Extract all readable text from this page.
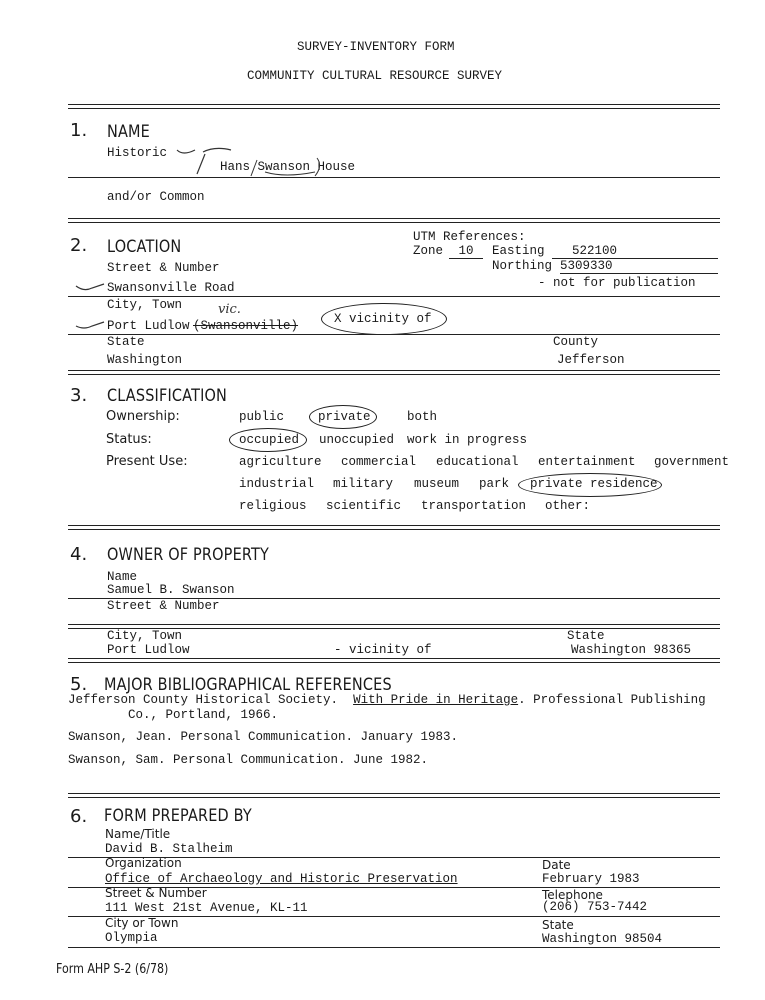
SURVEY-INVENTORY FORM
COMMUNITY CULTURAL RESOURCE SURVEY
1. NAME
Historic
Hans Swanson House
and/or Common
2. LOCATION	UTM References:
Zone	10	Easting	522100
Northing 5309330
- not for publication
Street & Number
Swansonville Road
City, Town	vic.
Port Ludlow (Swansonville)	X vicinity of
State	County
Washington	Jefferson
3. CLASSIFICATION
Ownership:	public	private	both
Status:	occupied unoccupied work in progress
Present Use:	agriculture commercial educational entertainment government
industrial military museum park private residence
religious scientific transportation other:
4. OWNER OF PROPERTY
Name
Samuel B. Swanson
Street & Number
City, Town	State
Port Ludlow	- vicinity of	Washington 98365
5. MAJOR BIBLIOGRAPHICAL REFERENCES
Jefferson County Historical Society. With Pride in Heritage. Professional Publishing
Co., Portland, 1966.
Swanson, Jean. Personal Communication. January 1983.
Swanson, Sam. Personal Communication. June 1982.
6. FORM PREPARED BY
Name/Title
David B. Stalheim
Organization	Date
Office of Archaeology and Historic Preservation	February 1983
Street & Number	Telephone
111 West 21st Avenue, KL-11	(206) 753-7442
City or Town	State
Olympia	Washington 98504
Form AHP S-2 (6/78)
